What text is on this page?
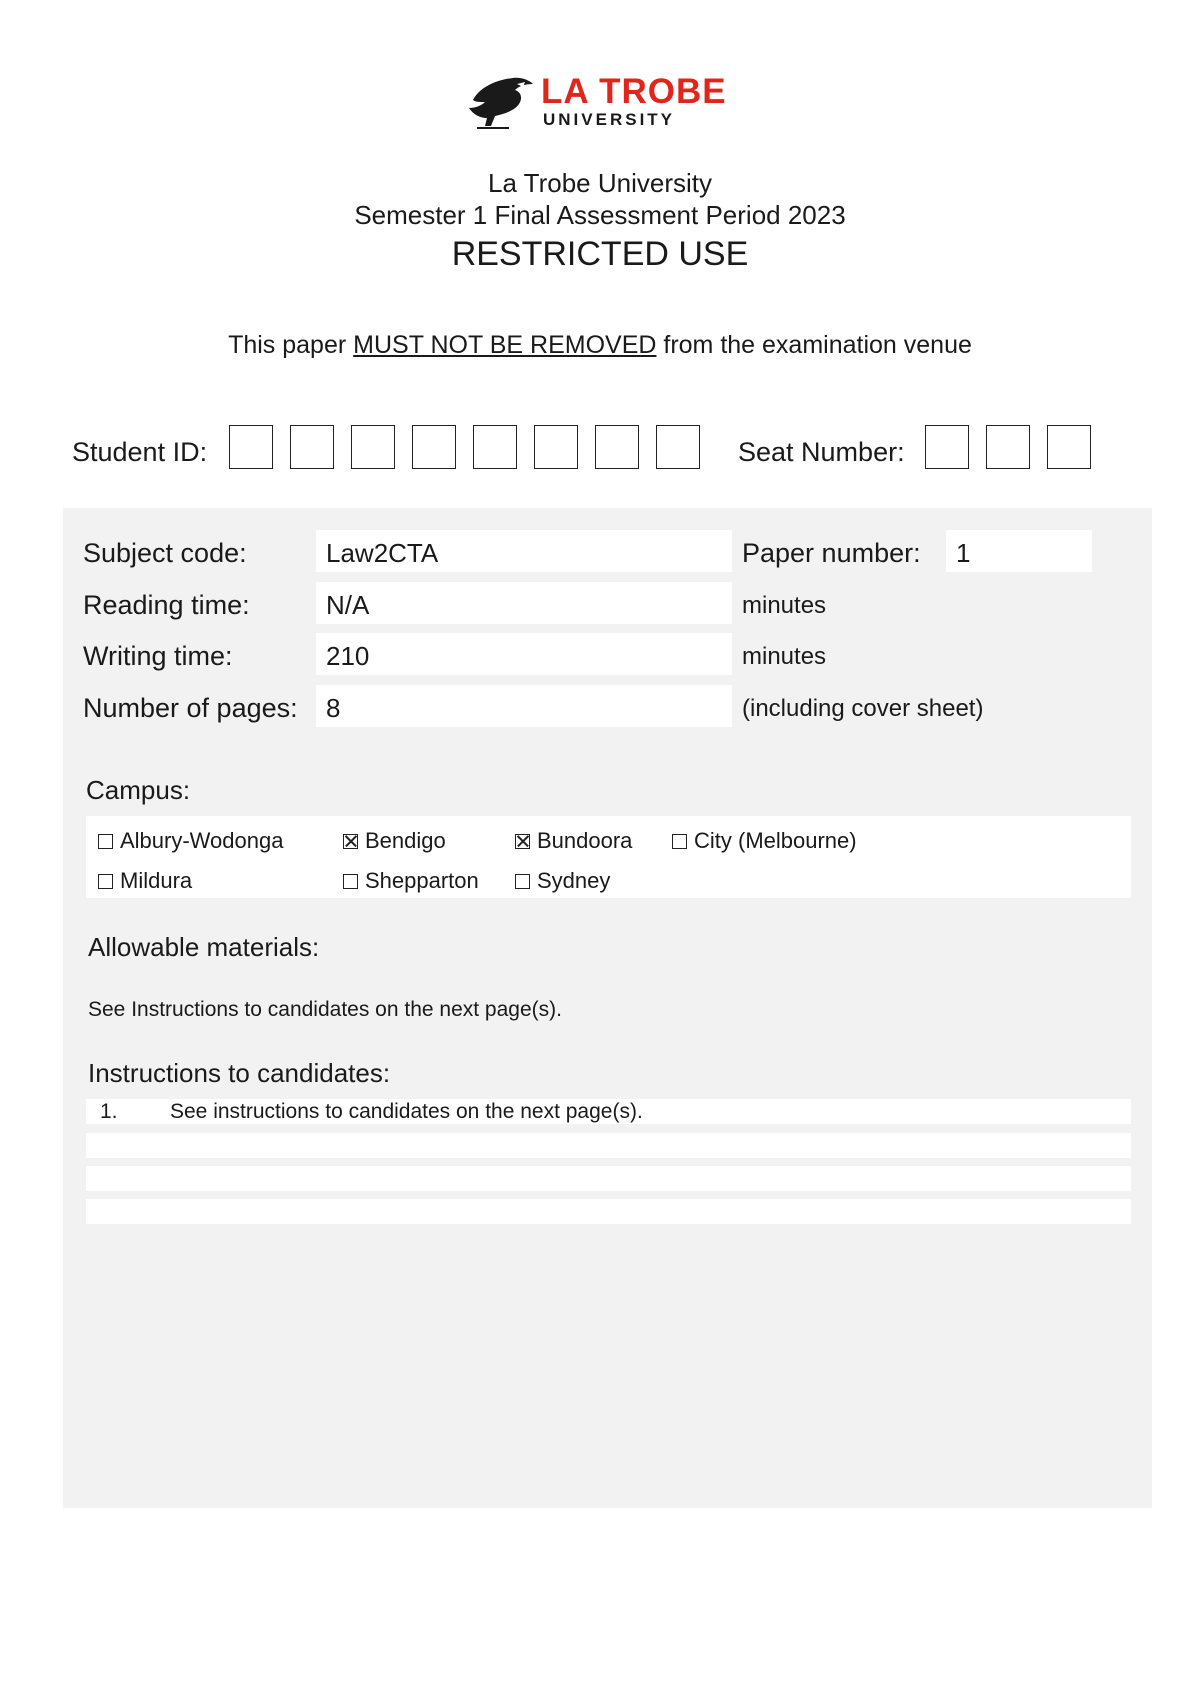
LA TROBE
UNIVERSITY
La Trobe University
Semester 1 Final Assessment Period 2023
RESTRICTED USE
This paper MUST NOT BE REMOVED from the examination venue
Student ID:	Seat Number:
Subject code:	Law2CTA	Paper number:	1
Reading time:	N/A	minutes
Writing time:	210	minutes
Number of pages:	8	(including cover sheet)
Campus:
Albury-Wodonga	Bendigo	Bundoora	City (Melbourne)
Mildura	Shepparton	Sydney
Allowable materials:
See Instructions to candidates on the next page(s).
Instructions to candidates:
1. See instructions to candidates on the next page(s).
